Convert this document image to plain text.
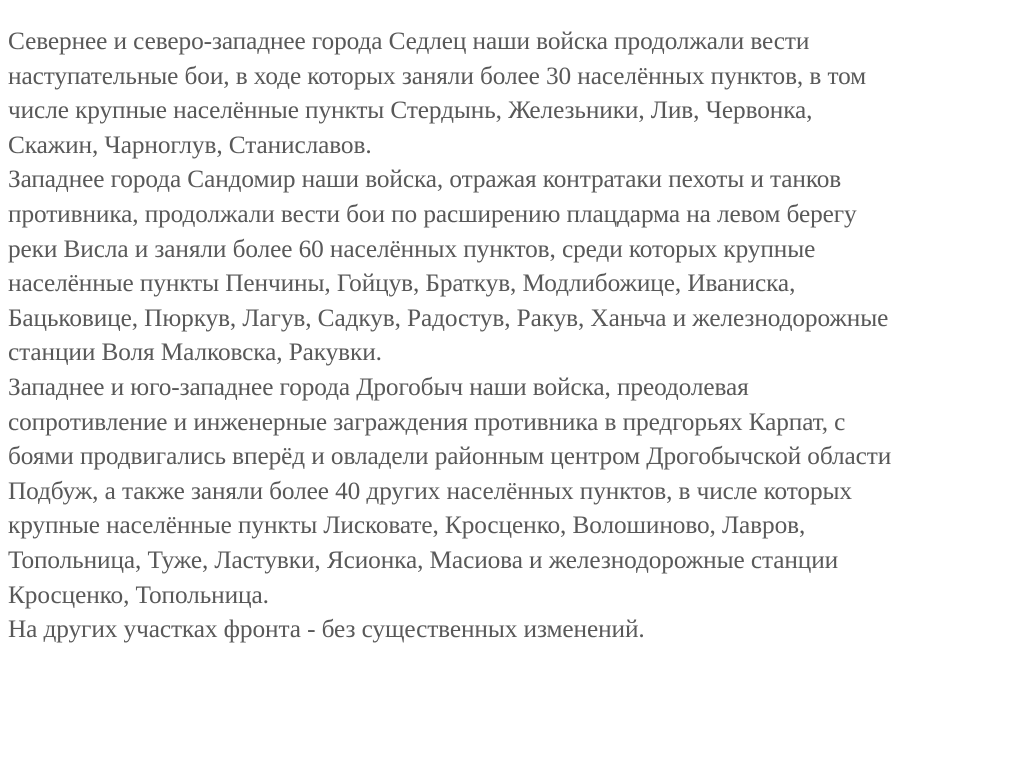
Севернее и северо-западнее города Седлец наши войска продолжали вести
наступательные бои, в ходе которых заняли более 30 населённых пунктов, в том
числе крупные населённые пункты Стердынь, Железьники, Лив, Червонка,
Скажин, Чарноглув, Станиславов.
Западнее города Сандомир наши войска, отражая контратаки пехоты и танков
противника, продолжали вести бои по расширению плацдарма на левом берегу
реки Висла и заняли более 60 населённых пунктов, среди которых крупные
населённые пункты Пенчины, Гойцув, Браткув, Модлибожице, Иваниска,
Бацьковице, Пюркув, Лагув, Садкув, Радостув, Ракув, Ханьча и железнодорожные
станции Воля Малковска, Ракувки.
Западнее и юго-западнее города Дрогобыч наши войска, преодолевая
сопротивление и инженерные заграждения противника в предгорьях Карпат, с
боями продвигались вперёд и овладели районным центром Дрогобычской области
Подбуж, а также заняли более 40 других населённых пунктов, в числе которых
крупные населённые пункты Лисковате, Кросценко, Волошиново, Лавров,
Топольница, Туже, Ластувки, Ясионка, Масиова и железнодорожные станции
Кросценко, Топольница.
На других участках фронта - без существенных изменений.
